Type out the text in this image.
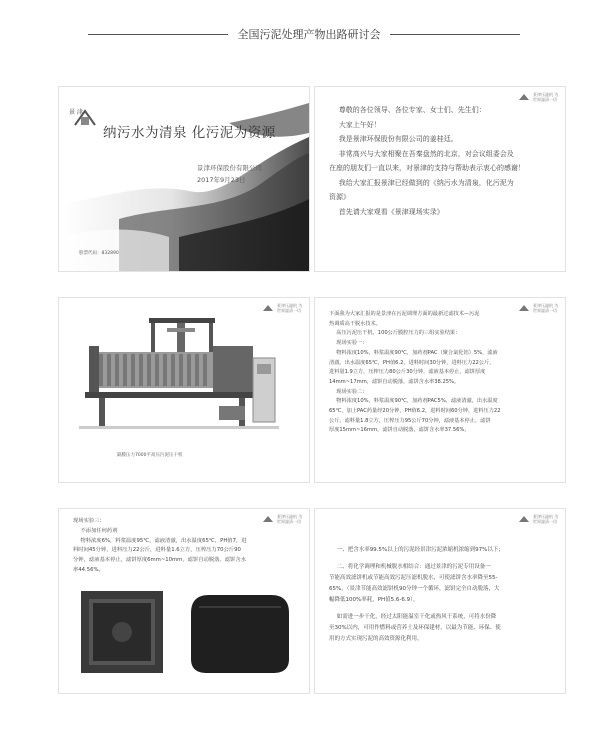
全国污泥处理产物出路研讨会
景 津
纳污水为清泉 化污泥为资源
景津环保股份有限公司
2017年9月23日
股票代码：832890
景津压滤机 为世界滤清一切

尊敬的各位领导、各位专家、女士们、先生们：

大家上午好！

我是景津环保股份有限公司的姜桂廷。

非常高兴与大家相聚在吾秦盘然的北京，对会议组委会及

在座的朋友们一直以来，对景津的支持与帮助表示衷心的感谢！

我给大家汇报景津已经做到的《纳污水为清泉，化污泥为

资源》

首先请大家观看《景津现场实录》

景津压滤机 为世界滤清一切
隔膜压力7000平高压污泥压干机
景津压滤机 为世界滤清一切

下面我为大家汇报的是景津在污泥调理方面的最新过滤技术—污泥

热调质高干脱水技术。

高压污泥压干机，100公斤膜腔压力的三组实验结果：

现场实验一：

物料浓度10%，料浆温度90℃，加药剂PAC（聚合氯化铝）5%，滤液

清澈，出水温度65℃，PH值6.2，进料时间30分钟，进料压力22公斤，

进料量1.9立方，压榨压力80公斤30分钟，滤液基本停止，滤饼厚度

14mm~17mm，滤饼自动脱落，滤饼含水率38.25%。

现场实验二：

物料浓度10%，料浆温度90℃，加药剂PAC5%，滤液清澈，出水温度

65℃，加上PAC药量经20分钟，PH值6.2，进料时间60分钟，进料压力22

公斤，滤料量1.8立方，压榨压力95公斤70分钟，滤液基本停止，滤饼

厚度15mm~16mm，滤饼自动脱落，滤饼含水率37.56%。

景津压滤机 为世界滤清一切

现场实验三：

不添加任何药剂

物料浓度6%，料浆温度95℃，滤液清澈，出水温度65℃，PH值7，进

料时间45分钟，进料压力22公斤，进料量1.6立方，压榨压力70公斤90

分钟，滤液基本停止，滤饼厚度6mm~10mm，滤饼自动脱落，滤饼含水

率44.56%。

景津压滤机 为世界滤清一切

一、把含水率99.5%以上的污泥经景津污泥浓缩机浓缩到97%以下；

二、将化学调理和机械脱水相结合：通过景津的污泥专用设备一

节能高效滤饼机或节能高效污泥压滤机脱水，可使滤饼含水率降至55-

65%，（景津节能高效滤饼机90分钟一个循环，滤饼完全自动脱落，大

幅降低100%率耗，PH值5.6-6.9）。

如需进一步干化，经过太阳能温室干化或热风干系统，可将水份降

至30%以内，可用作燃料或营养土及环保建材，以最为节能、环保、使

用的方式实现污泥的高效资源化利用。
